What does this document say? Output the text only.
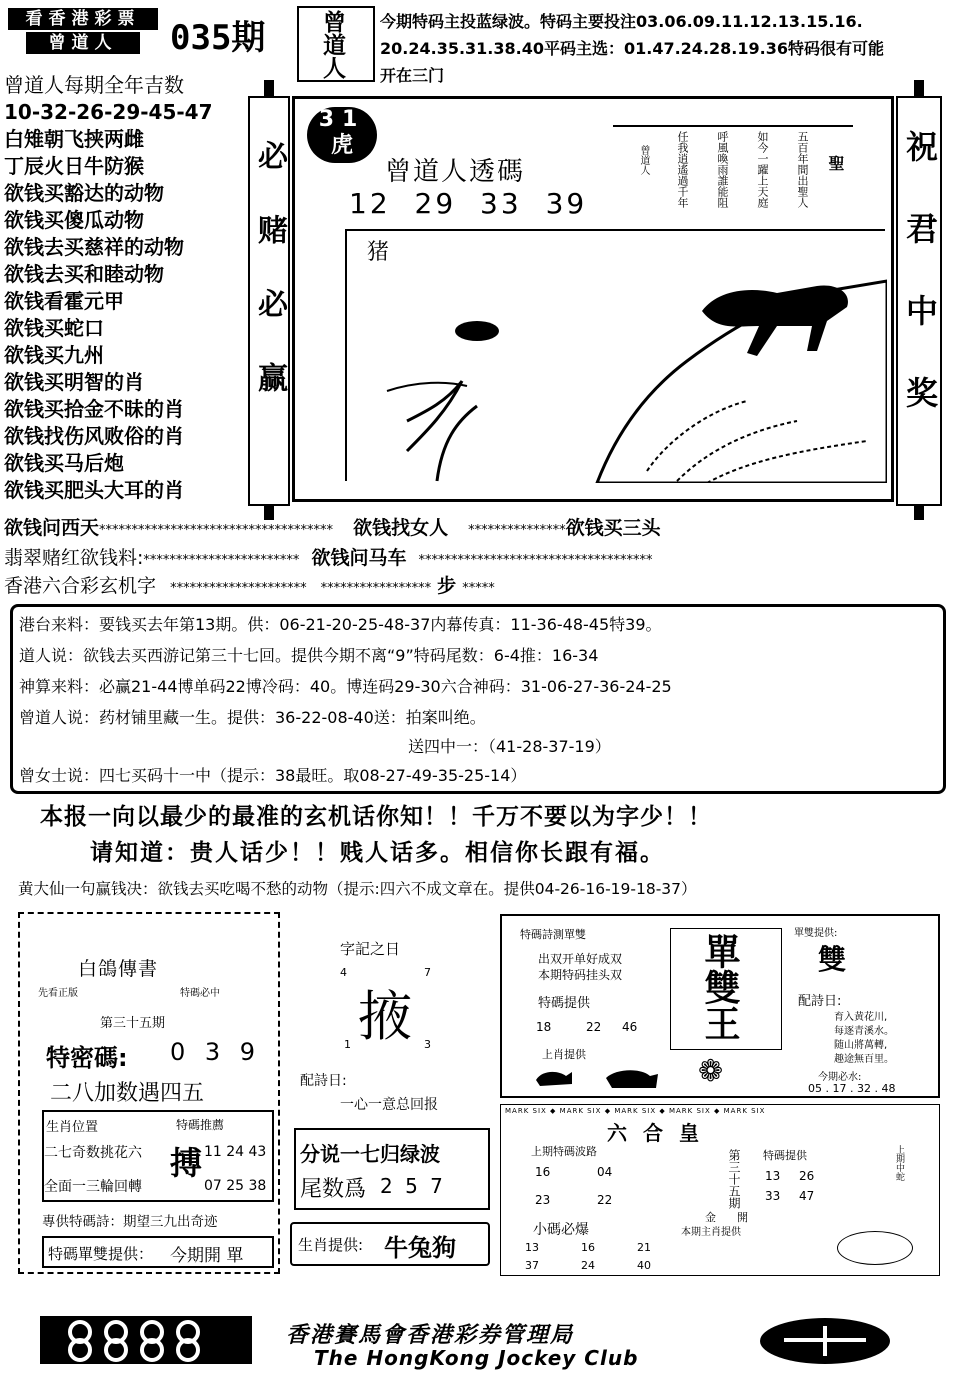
看香港彩票
曾道人	035期 曾道人 今期特码主投蓝绿波。特码主要投注03.06.09.11.12.13.15.16.
20.24.35.31.38.40平码主选：01.47.24.28.19.36特码很有可能
开在三门
曾道人每期全年吉数
10-32-26-29-45-47
白雉朝飞挟两雌
丁辰火日牛防猴
欲钱买豁达的动物
欲钱买傻瓜动物
欲钱去买慈祥的动物
欲钱去买和睦动物
欲钱看霍元甲
欲钱买蛇口
欲钱买九州
欲钱买明智的肖
欲钱买拾金不昧的肖
欲钱找伤风败俗的肖
欲钱买马后炮
欲钱买肥头大耳的肖
必赌必赢	祝君中奖
31
虎
曾道人透碼
12 29 33 39
聖
五百年間出聖人
如今一躍上天庭
呼風喚雨誰能阻
任我逍遙過千年
曾道人
猪
欲钱问西天************************************ 欲钱找女人 ***************欲钱买三头
翡翠赌红欲钱料:************************ 欲钱问马车 ************************************
香港六合彩玄机字 ********************* ***************** 步 *****
港台来料：要钱买去年第13期。供：06-21-20-25-48-37内幕传真：11-36-48-45特39。
道人说：欲钱去买西游记第三十七回。提供今期不离“9”特码尾数：6-4推：16-34
神算来料：必赢21-44博单码22博冷码：40。博连码29-30六合神码：31-06-27-36-24-25
曾道人说：药材铺里藏一生。提供：36-22-08-40送：拍案叫绝。
送四中一：（41-28-37-19）
曾女士说：四七买码十一中（提示：38最旺。取08-27-49-35-25-14）
本报一向以最少的最准的玄机话你知！！千万不要以为字少！！
请知道：贵人话少！！贱人话多。相信你长跟有福。
黄大仙一句赢钱决：欲钱去买吃喝不愁的动物（提示:四六不成文章在。提供04-26-16-19-18-37）
白鴿傳書
先看正版	特碼必中
第三十五期
特密碼: 0 3 9
二八加数遇四五
生肖位置	特碼推薦
二七奇数挑花六
全面一三輪回轉
搏 11 24 43
07 25 38
專供特碼詩：期望三九出奇迹
特碼單雙提供： 今期開 單
字記之日
4	7
掖
1	3
配詩日:
一心一意总回报
分说一七归绿波
尾数爲 2 5 7
生肖提供: 牛兔狗
特碼詩測單雙
出双开单好成双
本期特码挂头双
特碼提供
18	22 46
上肖提供
單雙王
❁
單雙提供:
雙
配詩日:
育入黄花川,
每逐青溪水。
随山將萬轉,
趣途無百里。
今期必水:
05 . 17 . 32 . 48
MARK SIX ◆ MARK SIX ◆ MARK SIX ◆ MARK SIX ◆ MARK SIX
六合皇
上期特碼波路
16	04
23	22	第三十五期
金 開
特碼提供
13 26
33 47
上期中蛇
小碼必爆
13	16	21
37	24	40
本期主肖提供
香港賽馬會香港彩券管理局
The HongKong Jockey Club
